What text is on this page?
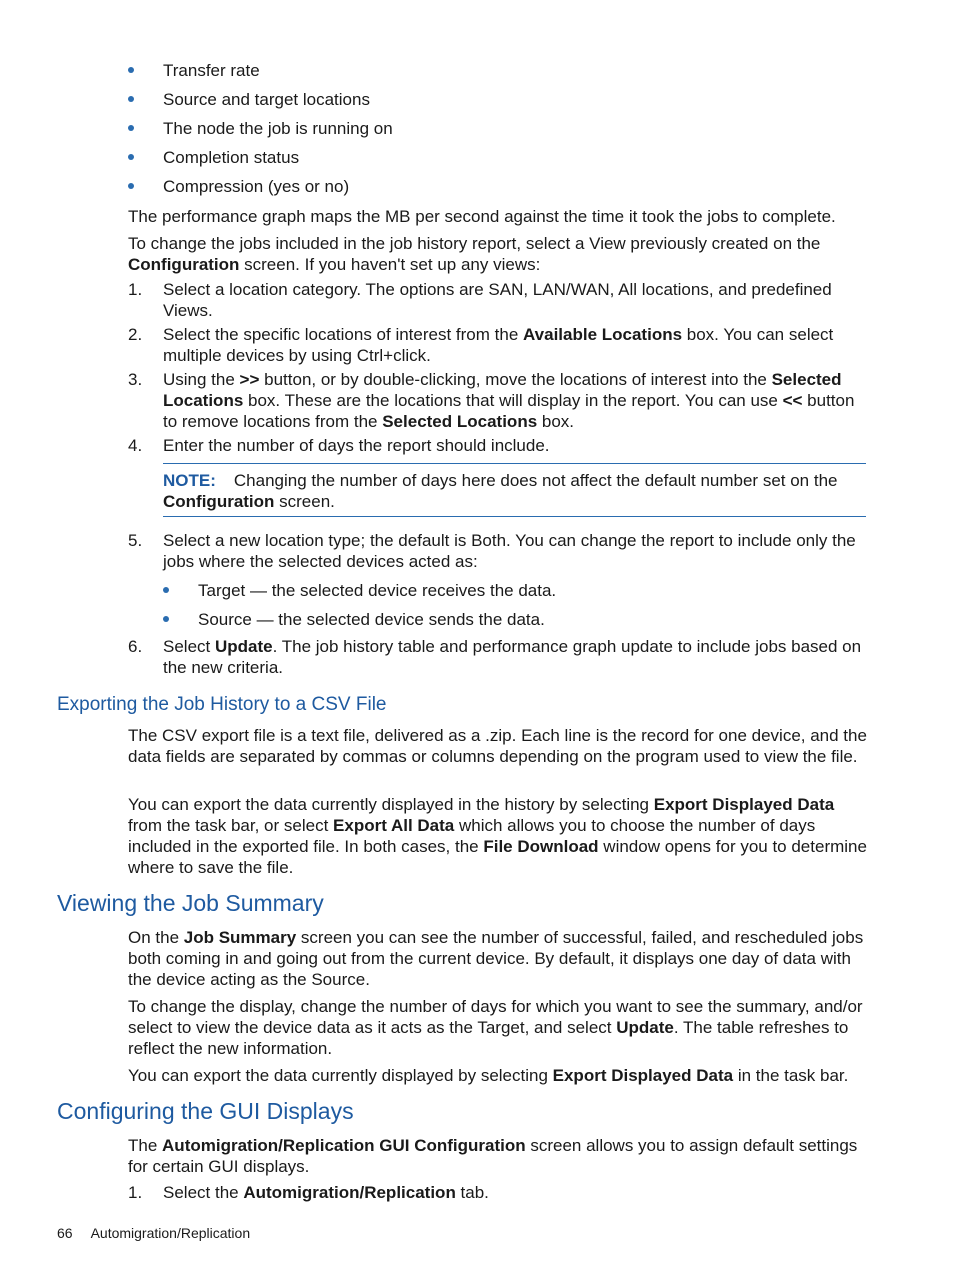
Transfer rate
Source and target locations
The node the job is running on
Completion status
Compression (yes or no)

The performance graph maps the MB per second against the time it took the jobs to complete.

To change the jobs included in the job history report, select a View previously created on the Configuration screen. If you haven't set up any views:

1.	Select a location category. The options are SAN, LAN/WAN, All locations, and predefined Views.
2.	Select the specific locations of interest from the Available Locations box. You can select multiple devices by using Ctrl+click.
3.	Using the >> button, or by double-clicking, move the locations of interest into the Selected Locations box. These are the locations that will display in the report. You can use << button to remove locations from the Selected Locations box.
4.	Enter the number of days the report should include.
NOTE: Changing the number of days here does not affect the default number set on the Configuration screen.
5.	Select a new location type; the default is Both. You can change the report to include only the jobs where the selected devices acted as:
Target — the selected device receives the data.
Source — the selected device sends the data.
6.	Select Update. The job history table and performance graph update to include jobs based on the new criteria.
Exporting the Job History to a CSV File

The CSV export file is a text file, delivered as a .zip. Each line is the record for one device, and the data fields are separated by commas or columns depending on the program used to view the file.

You can export the data currently displayed in the history by selecting Export Displayed Data from the task bar, or select Export All Data which allows you to choose the number of days included in the exported file. In both cases, the File Download window opens for you to determine where to save the file.

Viewing the Job Summary

On the Job Summary screen you can see the number of successful, failed, and rescheduled jobs both coming in and going out from the current device. By default, it displays one day of data with the device acting as the Source.

To change the display, change the number of days for which you want to see the summary, and/or select to view the device data as it acts as the Target, and select Update. The table refreshes to reflect the new information.

You can export the data currently displayed by selecting Export Displayed Data in the task bar.

Configuring the GUI Displays

The Automigration/Replication GUI Configuration screen allows you to assign default settings for certain GUI displays.

1.	Select the Automigration/Replication tab.
66 Automigration/Replication
